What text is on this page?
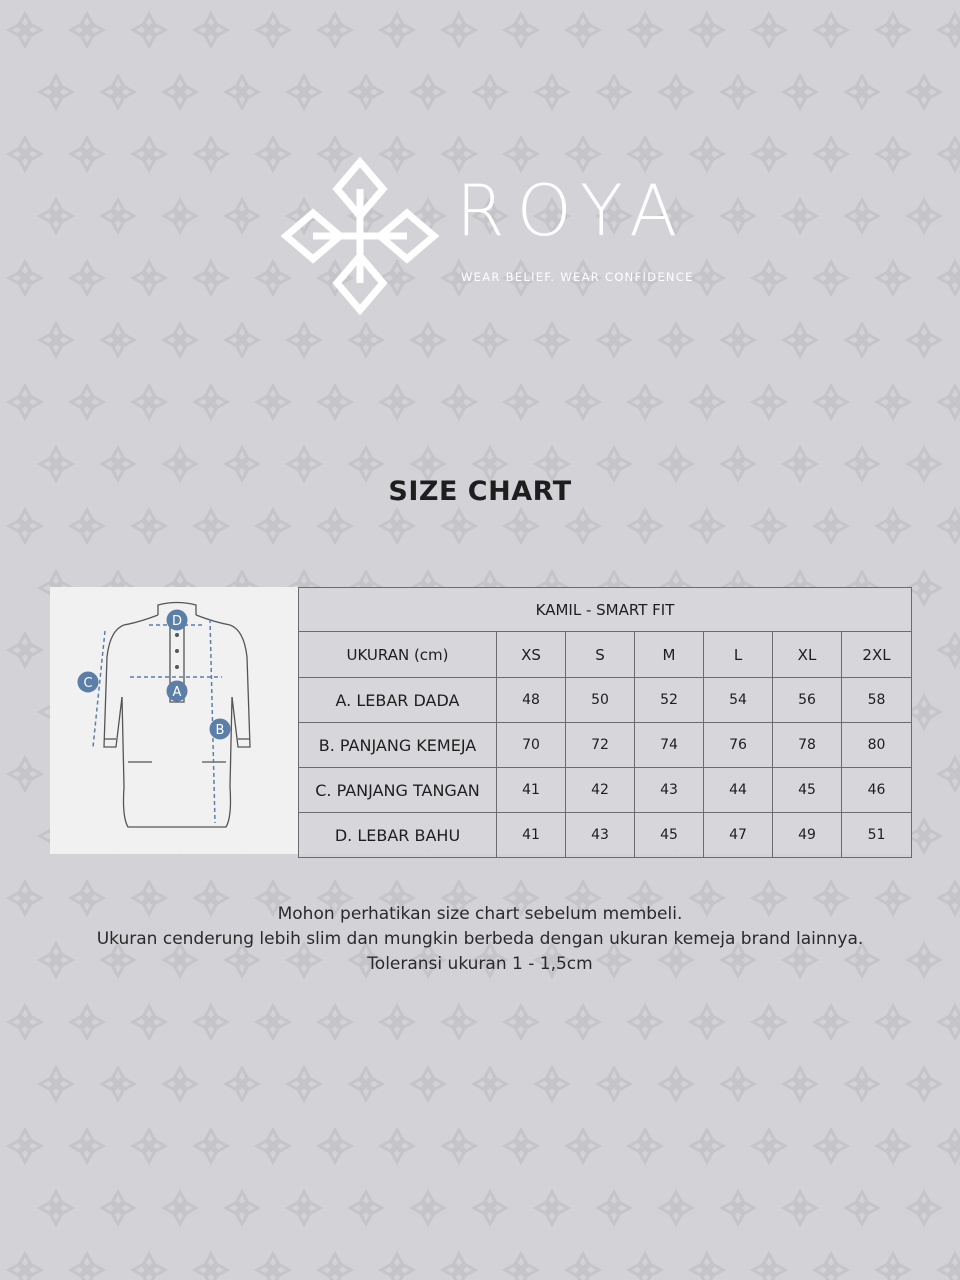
ROYA
WEAR BELIEF. WEAR CONFIDENCE
SIZE CHART
A
B
C
D
KAMIL - SMART FIT						
UKURAN (cm)	XS	S	M	L	XL	2XL
A. LEBAR DADA	48	50	52	54	56	58
B. PANJANG KEMEJA	70	72	74	76	78	80
C. PANJANG TANGAN	41	42	43	44	45	46
D. LEBAR BAHU	41	43	45	47	49	51
Mohon perhatikan size chart sebelum membeli.
Ukuran cenderung lebih slim dan mungkin berbeda dengan ukuran kemeja brand lainnya.
Toleransi ukuran 1 - 1,5cm
